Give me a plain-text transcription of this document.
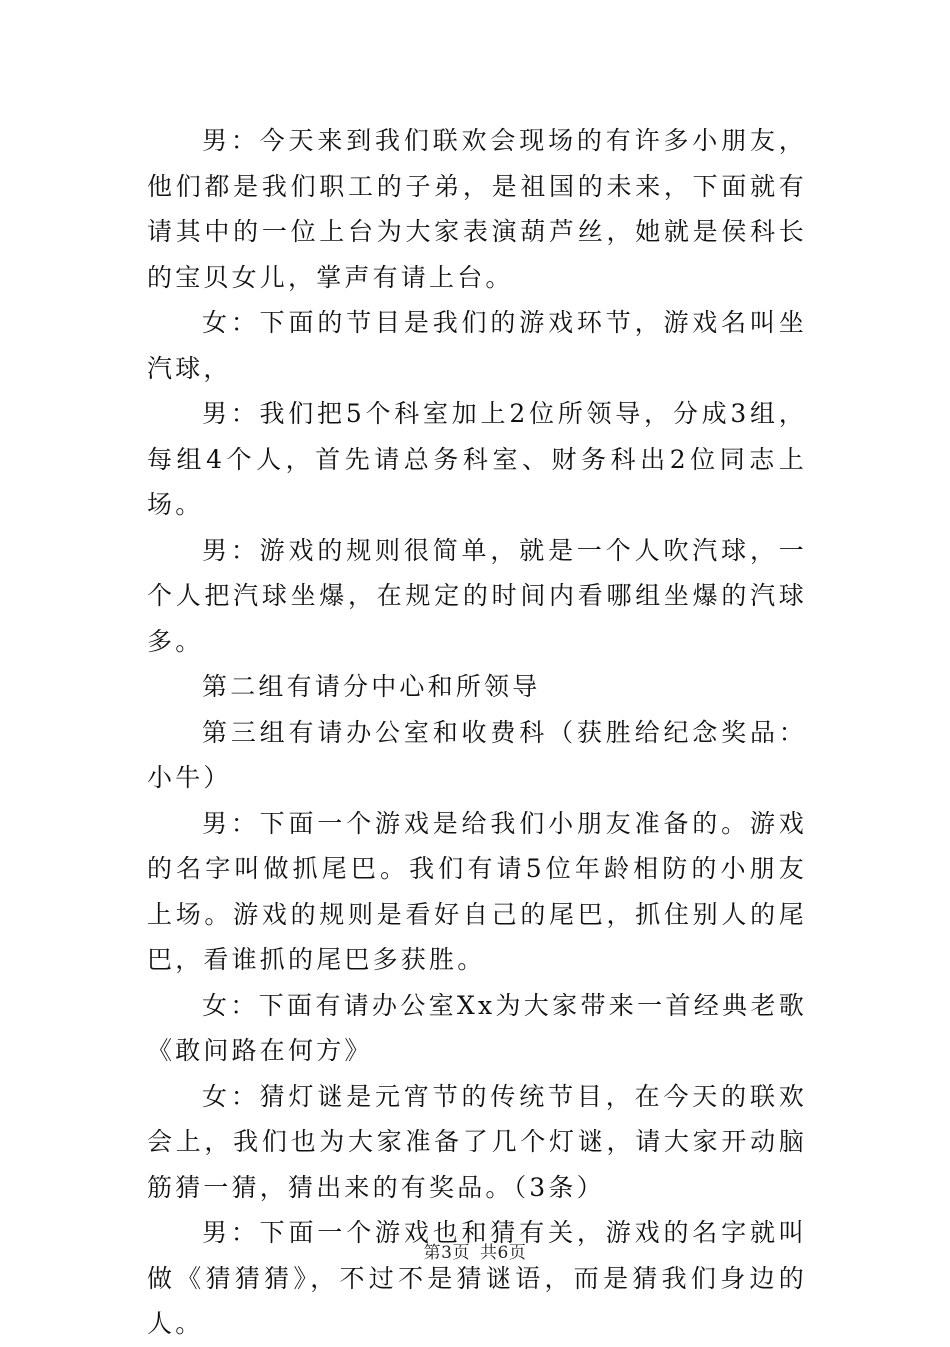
男：今天来到我们联欢会现场的有许多小朋友，他们都是我们职工的子弟，是祖国的未来，下面就有请其中的一位上台为大家表演葫芦丝，她就是侯科长的宝贝女儿，掌声有请上台。

女：下面的节目是我们的游戏环节，游戏名叫坐汽球，

男：我们把5个科室加上2位所领导，分成3组，每组4个人，首先请总务科室、财务科出2位同志上场。

男：游戏的规则很简单，就是一个人吹汽球，一个人把汽球坐爆，在规定的时间内看哪组坐爆的汽球多。

第二组有请分中心和所领导

第三组有请办公室和收费科（获胜给纪念奖品：小牛）

男：下面一个游戏是给我们小朋友准备的。游戏的名字叫做抓尾巴。我们有请5位年龄相防的小朋友上场。游戏的规则是看好自己的尾巴，抓住别人的尾巴，看谁抓的尾巴多获胜。

女：下面有请办公室Xx为大家带来一首经典老歌《敢问路在何方》

女：猜灯谜是元宵节的传统节目，在今天的联欢会上，我们也为大家准备了几个灯谜，请大家开动脑筋猜一猜，猜出来的有奖品。（3条）

男：下面一个游戏也和猜有关，游戏的名字就叫做《猜猜猜》，不过不是猜谜语，而是猜我们身边的人。

第3页 共6页
